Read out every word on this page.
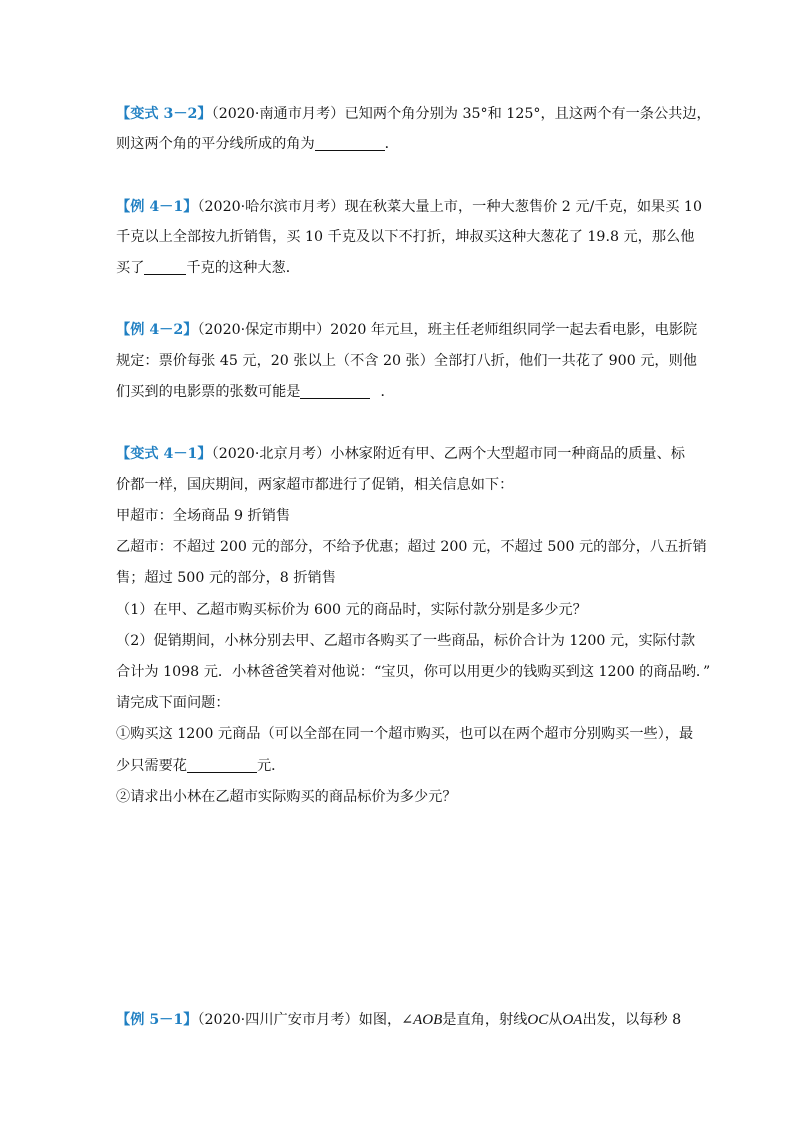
【变式 3－2】（2020·南通市月考）已知两个角分别为 35°和 125°，且这两个有一条公共边，
则这两个角的平分线所成的角为	．
【例 4－1】（2020·哈尔滨市月考）现在秋菜大量上市，一种大葱售价 2 元/千克，如果买 10
千克以上全部按九折销售，买 10 千克及以下不打折，坤叔买这种大葱花了 19.8 元，那么他
买了	千克的这种大葱．
【例 4－2】（2020·保定市期中）2020 年元旦，班主任老师组织同学一起去看电影，电影院
规定：票价每张 45 元，20 张以上（不含 20 张）全部打八折，他们一共花了 900 元，则他
们买到的电影票的张数可能是	．
【变式 4－1】（2020·北京月考）小林家附近有甲、乙两个大型超市同一种商品的质量、标
价都一样，国庆期间，两家超市都进行了促销，相关信息如下：
甲超市：全场商品 9 折销售
乙超市：不超过 200 元的部分，不给予优惠；超过 200 元，不超过 500 元的部分，八五折销
售；超过 500 元的部分，8 折销售
（1）在甲、乙超市购买标价为 600 元的商品时，实际付款分别是多少元？
（2）促销期间，小林分别去甲、乙超市各购买了一些商品，标价合计为 1200 元，实际付款
合计为 1098 元．小林爸爸笑着对他说：“宝贝，你可以用更少的钱购买到这 1200 的商品哟．”
请完成下面问题：
①购买这 1200 元商品（可以全部在同一个超市购买，也可以在两个超市分别购买一些），最
少只需要花	元．
②请求出小林在乙超市实际购买的商品标价为多少元？
【例 5－1】（2020·四川广安市月考）如图，∠AOB是直角，射线OC从OA出发，以每秒 8
